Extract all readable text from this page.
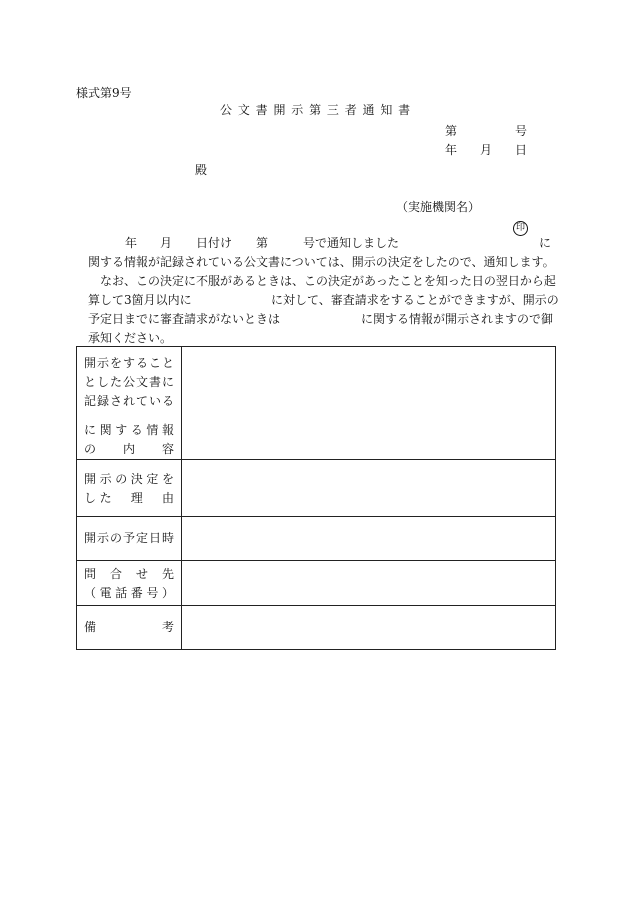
様式第9号
公 文 書 開 示 第 三 者 通 知 書
第	号
年 月 日
殿
（実施機関名）
印
年 月 日付け 第	号で通知しました	に
関する情報が記録されている公文書については、開示の決定をしたので、通知します。
なお、この決定に不服があるときは、この決定があったことを知った日の翌日から起
算して3箇月以内に	に対して、審査請求をすることができますが、開示の
予定日までに審査請求がないときは	に関する情報が開示されますので御
承知ください。
開示をすること
とした公文書に
記録されている
に関する情報
の　内　容	

開示の決定を
した　理　由	

開示の予定日時	

問　合　せ　先
（電話番号）	

備　　　　考	
